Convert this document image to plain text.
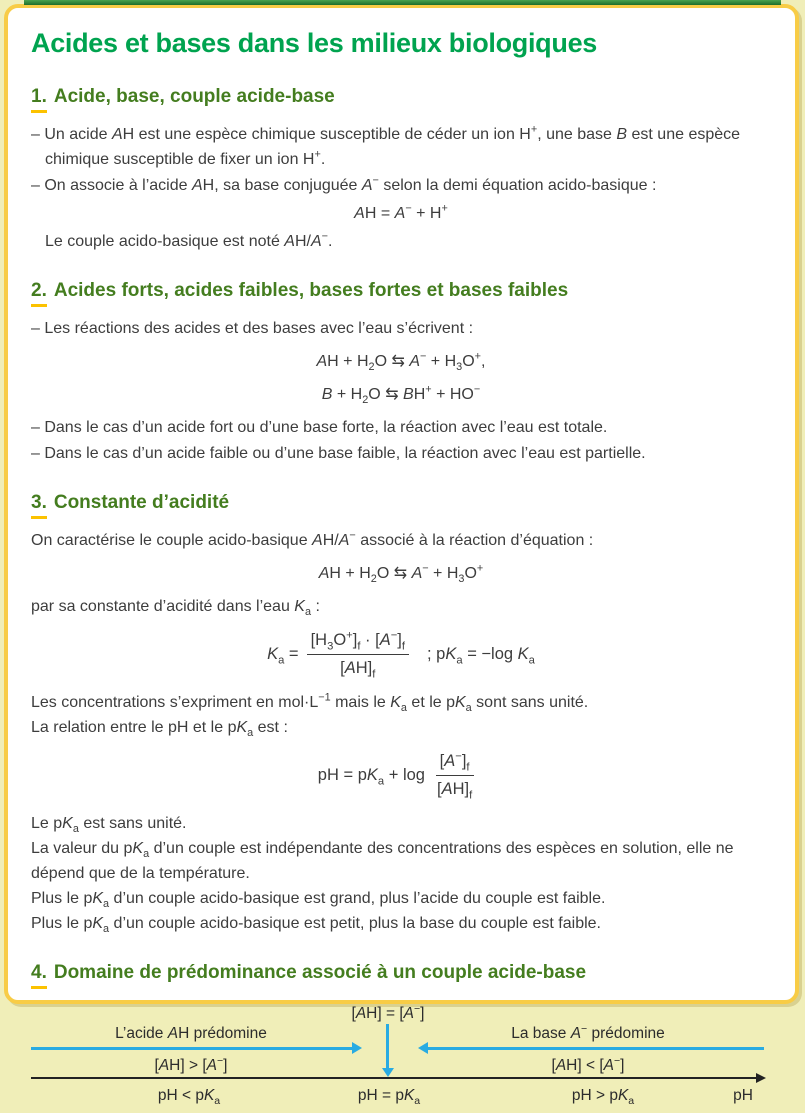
Acides et bases dans les milieux biologiques
1. Acide, base, couple acide-base
– Un acide AH est une espèce chimique susceptible de céder un ion H+, une base B est une espèce chimique susceptible de fixer un ion H+.
– On associe à l’acide AH, sa base conjuguée A− selon la demi équation acido-basique :
AH = A− + H+
Le couple acido-basique est noté AH/A−.
2. Acides forts, acides faibles, bases fortes et bases faibles
– Les réactions des acides et des bases avec l’eau s’écrivent :
AH + $H_2O$ ⇆ $A^- + H_3O^+$,
$B + H_2O$ ⇆ BH+ + HO−
– Dans le cas d’un acide fort ou d’une base forte, la réaction avec l’eau est totale.
– Dans le cas d’un acide faible ou d’une base faible, la réaction avec l’eau est partielle.
3. Constante d’acidité
On caractérise le couple acido-basique AH/A− associé à la réaction d’équation :
AH + $H_2O$ ⇆ $A^- + H_3O^+$
par sa constante d’acidité dans l’eau $K_a$ :
$K_a = \frac{[H_3O^+]_f \cdot [A^-]_f}{[AH]_f}$ ; $pK_a = -\log$ $K_a$
Les concentrations s’expriment en $mol\cdot L^{-1}$ mais le $K_a$ et le $pK_a$ sont sans unité.
La relation entre le pH et le $pK_a$ est :
pH = $pK_a + \log \frac{[A^-]_f}{[AH]_f}$
Le $pK_a$ est sans unité.
La valeur du $pK_a$ d’un couple est indépendante des concentrations des espèces en solution, elle ne dépend que de la température.
Plus le $pK_a$ d’un couple acido-basique est grand, plus l’acide du couple est faible.
Plus le $pK_a$ d’un couple acido-basique est petit, plus la base du couple est faible.
4. Domaine de prédominance associé à un couple acide-base
[AH] = [A−]
L’acide AH prédomine	La base A− prédomine
[AH] > [A−]	[AH] < [A−]
pH < $pK_a$	pH = $pK_a$	pH > $pK_a$	pH
